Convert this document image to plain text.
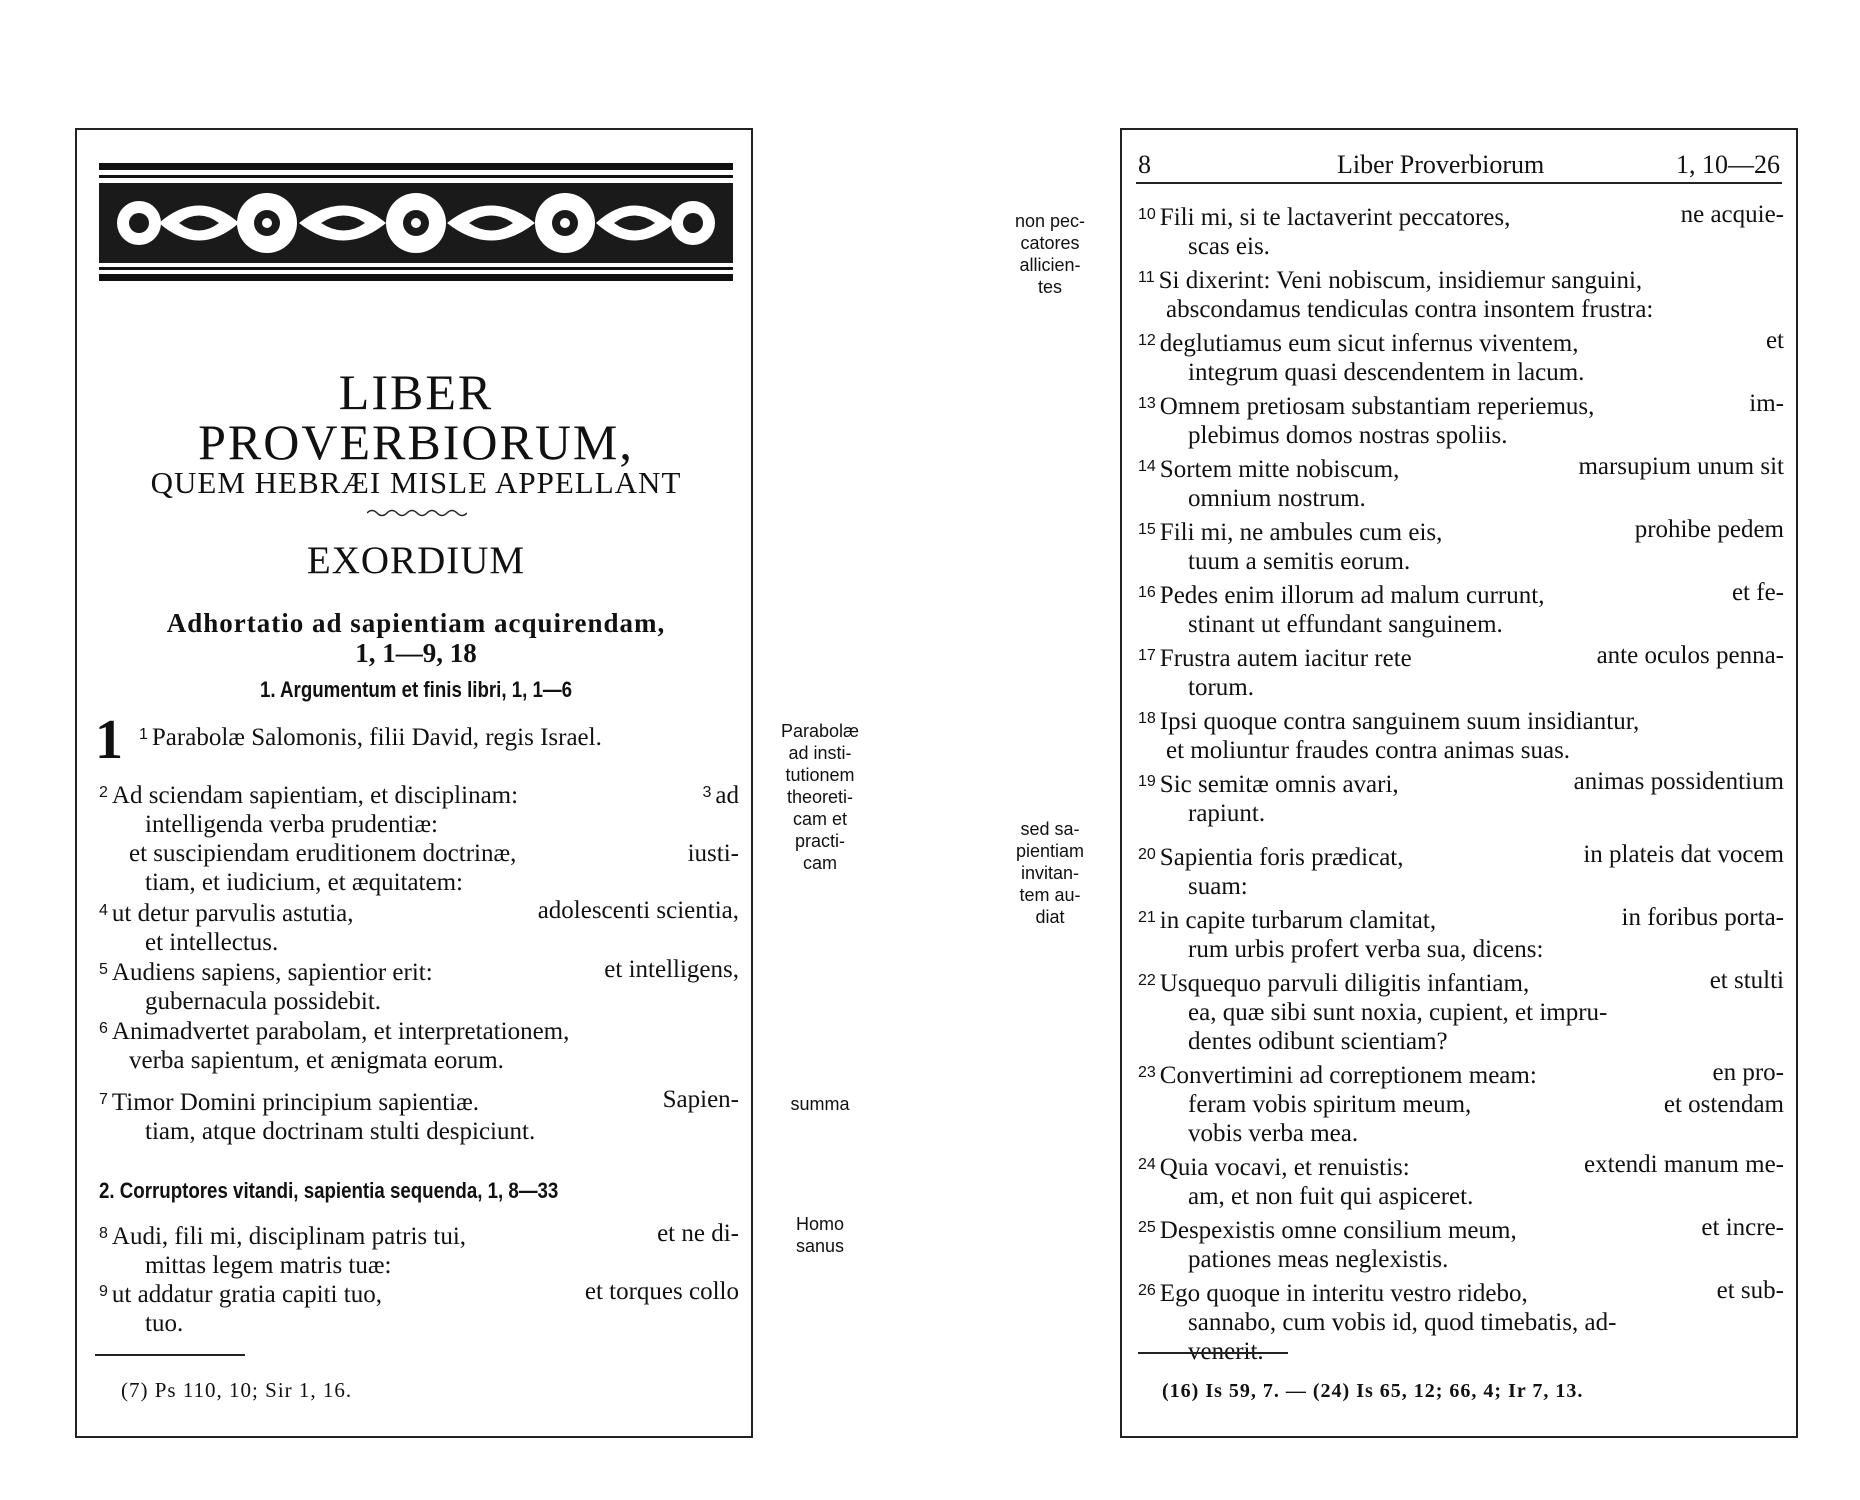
LIBER
PROVERBIORUM,
QUEM HEBRÆI MISLE APPELLANT
EXORDIUM
Adhortatio ad sapientiam acquirendam,
1, 1—9, 18
1. Argumentum et finis libri, 1, 1—6
1 $^1$ Parabolæ Salomonis, filii David, regis Israel.
$^2$ Ad sciendam sapientiam, et disciplinam:	$^3$ ad
intelligenda verba prudentiæ:
et suscipiendam eruditionem doctrinæ,	iusti-
tiam, et iudicium, et æquitatem:
$^4$ ut detur parvulis astutia,	adolescenti scientia,
et intellectus.
$^5$ Audiens sapiens, sapientior erit:	et intelligens,
gubernacula possidebit.
$^6$ Animadvertet parabolam, et interpretationem,
verba sapientum, et ænigmata eorum.
$^7$ Timor Domini principium sapientiæ.	Sapien-
tiam, atque doctrinam stulti despiciunt.
2. Corruptores vitandi, sapientia sequenda, 1, 8—33
$^8$ Audi, fili mi, disciplinam patris tui,	et ne di-
mittas legem matris tuæ:
$^9$ ut addatur gratia capiti tuo,	et torques collo
tuo.
(7) Ps 110, 10; Sir 1, 16.
Parabolæ
ad insti-
tutionem
theoreti-
cam et
practi-
cam
summa
Homo
sanus
non pec-
catores
allicien-
tes
sed sa-
pientiam
invitan-
tem au-
diat
8	Liber Proverbiorum	1, 10—26
$^{10}$ Fili mi, si te lactaverint peccatores,	ne acquie-
scas eis.
$^{11}$ Si dixerint: Veni nobiscum, insidiemur sanguini,
abscondamus tendiculas contra insontem frustra:
$^{12}$ deglutiamus eum sicut infernus viventem,	et
integrum quasi descendentem in lacum.
$^{13}$ Omnem pretiosam substantiam reperiemus,	im-
plebimus domos nostras spoliis.
$^{14}$ Sortem mitte nobiscum,	marsupium unum sit
omnium nostrum.
$^{15}$ Fili mi, ne ambules cum eis,	prohibe pedem
tuum a semitis eorum.
$^{16}$ Pedes enim illorum ad malum currunt,	et fe-
stinant ut effundant sanguinem.
$^{17}$ Frustra autem iacitur rete	ante oculos penna-
torum.
$^{18}$ Ipsi quoque contra sanguinem suum insidiantur,
et moliuntur fraudes contra animas suas.
$^{19}$ Sic semitæ omnis avari,	animas possidentium
rapiunt.
$^{20}$ Sapientia foris prædicat,	in plateis dat vocem
suam:
$^{21}$ in capite turbarum clamitat,	in foribus porta-
rum urbis profert verba sua, dicens:
$^{22}$ Usquequo parvuli diligitis infantiam,	et stulti
ea, quæ sibi sunt noxia, cupient, et impru-
dentes odibunt scientiam?
$^{23}$ Convertimini ad correptionem meam:	en pro-
feram vobis spiritum meum,	et ostendam
vobis verba mea.
$^{24}$ Quia vocavi, et renuistis:	extendi manum me-
am, et non fuit qui aspiceret.
$^{25}$ Despexistis omne consilium meum,	et incre-
pationes meas neglexistis.
$^{26}$ Ego quoque in interitu vestro ridebo,	et sub-
sannabo, cum vobis id, quod timebatis, ad-
venerit.
(16) Is 59, 7. — (24) Is 65, 12; 66, 4; Ir 7, 13.
